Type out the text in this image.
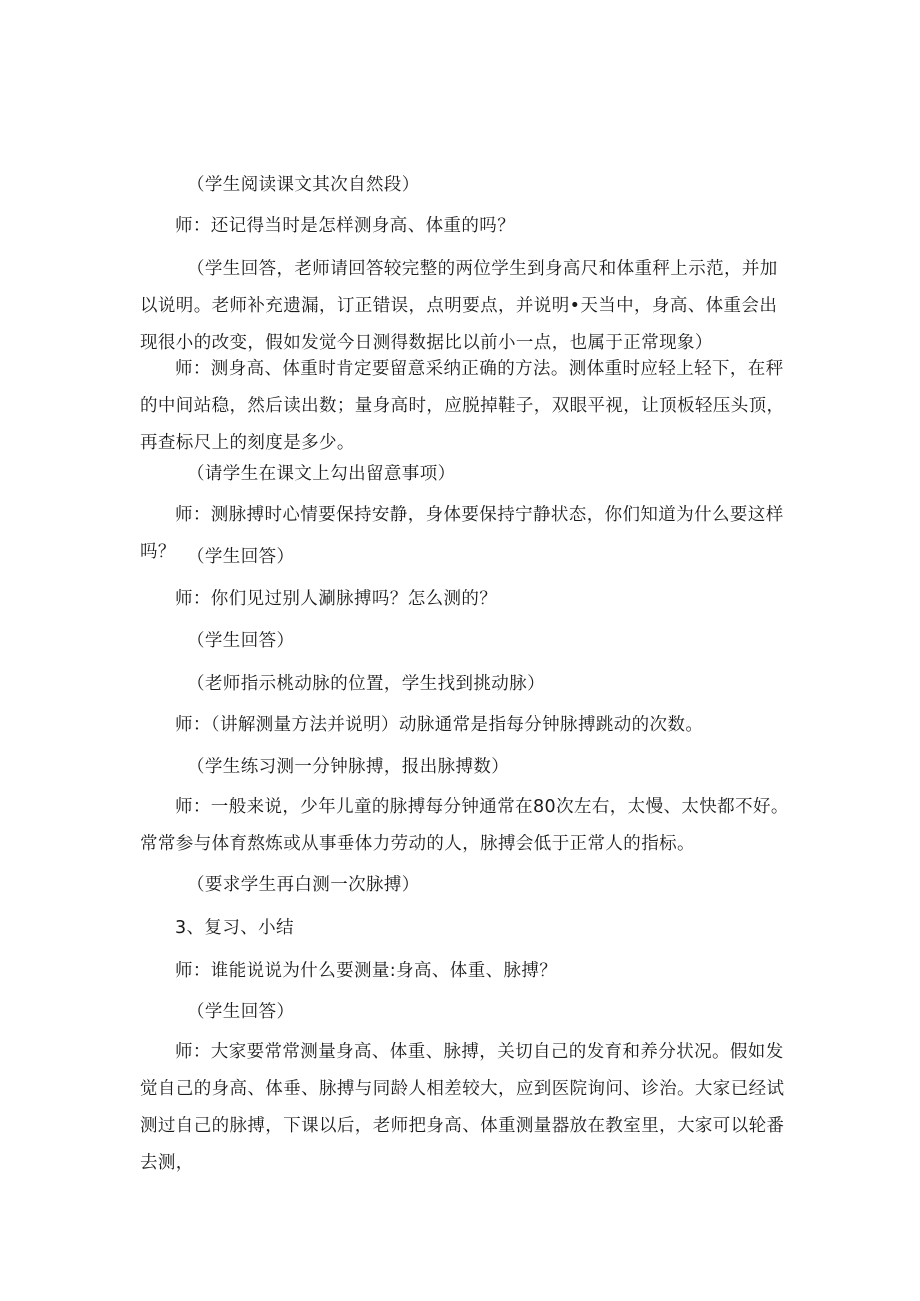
（学生阅读课文其次自然段）

师：还记得当时是怎样测身高、体重的吗？

（学生回答，老师请回答较完整的两位学生到身高尺和体重秤上示范，并加以说明。老师补充遗漏，订正错误，点明要点，并说明•天当中，身高、体重会出现很小的改变，假如发觉今日测得数据比以前小一点，也属于正常现象）

师：测身高、体重时肯定要留意采纳正确的方法。测体重时应轻上轻下，在秤的中间站稳，然后读出数；量身高时，应脱掉鞋子，双眼平视，让顶板轻压头顶，再查标尺上的刻度是多少。

（请学生在课文上勾出留意事项）

师：测脉搏时心情要保持安静，身体要保持宁静状态，你们知道为什么要这样吗？ （学生回答）

师：你们见过别人涮脉搏吗？怎么测的？

（学生回答）

（老师指示桃动脉的位置，学生找到挑动脉）

师：（讲解测量方法并说明）动脉通常是指每分钟脉搏跳动的次数。

（学生练习测一分钟脉搏，报出脉搏数）

师：一般来说，少年儿童的脉搏每分钟通常在80次左右，太慢、太快都不好。常常参与体育熬炼或从事垂体力劳动的人，脉搏会低于正常人的指标。

（要求学生再白测一次脉搏）

3、复习、小结

师：谁能说说为什么要测量:身高、体重、脉搏？

（学生回答）

师：大家要常常测量身高、体重、脉搏，关切自己的发育和养分状况。假如发觉自己的身高、体垂、脉搏与同龄人相差较大，应到医院询问、诊治。大家已经试测过自己的脉搏，下课以后，老师把身高、体重测量器放在教室里，大家可以轮番去测，
